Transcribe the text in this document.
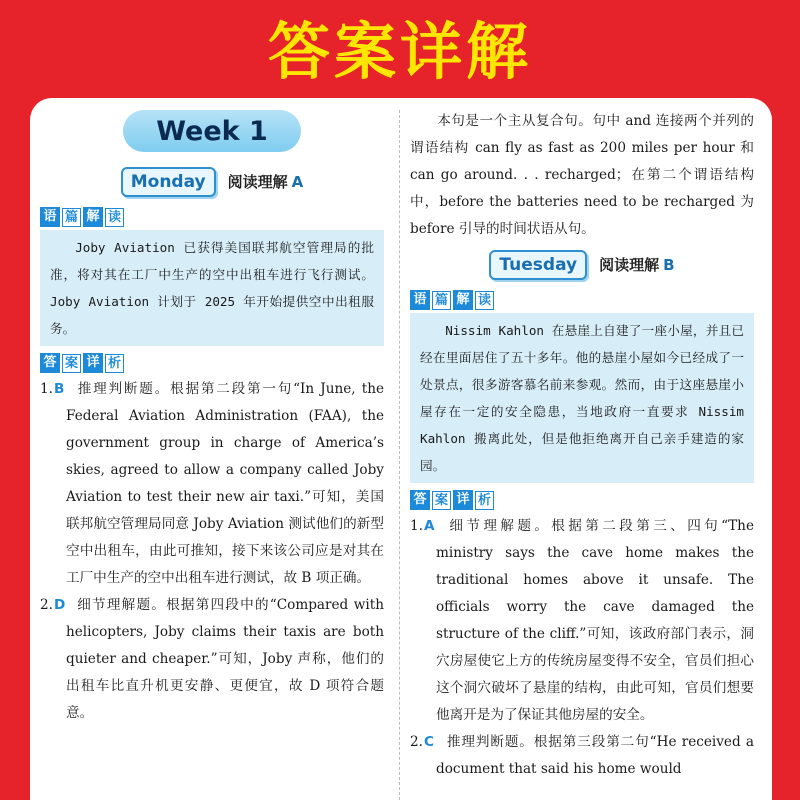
答案详解
Week 1
Monday	阅读理解 A
语 篇 解 读
Joby Aviation 已获得美国联邦航空管理局的批准，将对其在工厂中生产的空中出租车进行飞行测试。Joby Aviation 计划于 2025 年开始提供空中出租服务。
答 案 详 析
1.B 推理判断题。根据第二段第一句“In June, the Federal Aviation Administration (FAA), the government group in charge of America’s skies, agreed to allow a company called Joby Aviation to test their new air taxi.”可知，美国联邦航空管理局同意 Joby Aviation 测试他们的新型空中出租车，由此可推知，接下来该公司应是对其在工厂中生产的空中出租车进行测试，故 B 项正确。
2.D 细节理解题。根据第四段中的“Compared with helicopters, Joby claims their taxis are both quieter and cheaper.”可知，Joby 声称，他们的出租车比直升机更安静、更便宜，故 D 项符合题意。

本句是一个主从复合句。句中 and 连接两个并列的谓语结构 can fly as fast as 200 miles per hour 和 can go around. . . recharged；在第二个谓语结构中，before the batteries need to be recharged 为 before 引导的时间状语从句。

Tuesday	阅读理解 B
语 篇 解 读
Nissim Kahlon 在悬崖上自建了一座小屋，并且已经在里面居住了五十多年。他的悬崖小屋如今已经成了一处景点，很多游客慕名前来参观。然而，由于这座悬崖小屋存在一定的安全隐患，当地政府一直要求 Nissim Kahlon 搬离此处，但是他拒绝离开自己亲手建造的家园。
答 案 详 析
1.A 细节理解题。根据第二段第三、四句“The ministry says the cave home makes the traditional homes above it unsafe. The officials worry the cave damaged the structure of the cliff.”可知，该政府部门表示，洞穴房屋使它上方的传统房屋变得不安全，官员们担心这个洞穴破坏了悬崖的结构，由此可知，官员们想要他离开是为了保证其他房屋的安全。
2.C 推理判断题。根据第三段第二句“He received a document that said his home would
